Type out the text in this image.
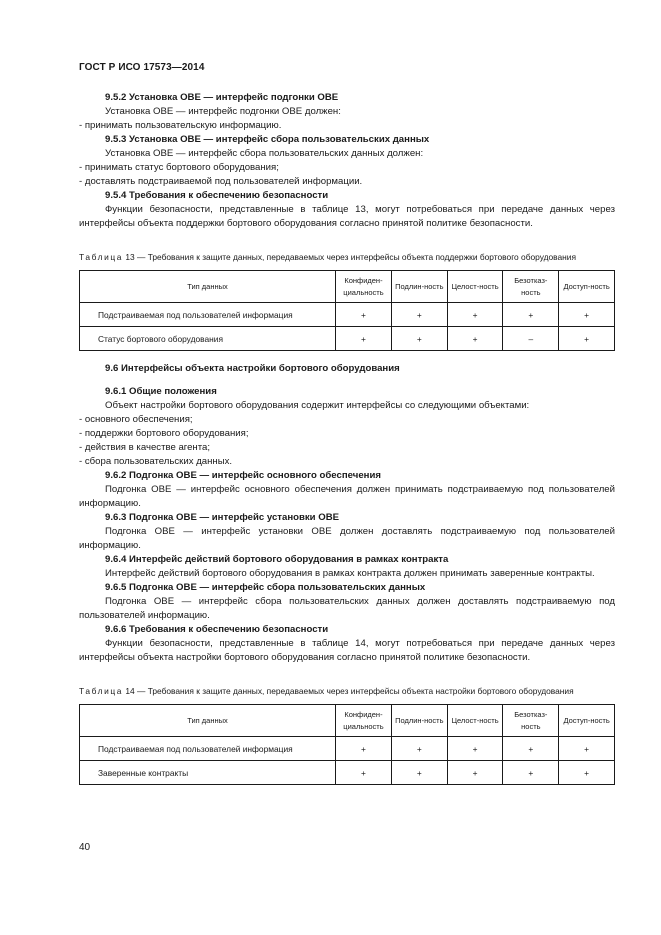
ГОСТ Р ИСО 17573—2014

9.5.2 Установка OBE — интерфейс подгонки OBE

Установка OBE — интерфейс подгонки OBE должен:

- принимать пользовательскую информацию.

9.5.3 Установка OBE — интерфейс сбора пользовательских данных

Установка OBE — интерфейс сбора пользовательских данных должен:

- принимать статус бортового оборудования;

- доставлять подстраиваемой под пользователей информации.

9.5.4 Требования к обеспечению безопасности

Функции безопасности, представленные в таблице 13, могут потребоваться при передаче данных через интерфейсы объекта поддержки бортового оборудования согласно принятой политике безопасности.

Таблица 13 — Требования к защите данных, передаваемых через интерфейсы объекта поддержки бортового оборудования

Тип данных	Конфиден-циальность	Подлин-ность	Целост-ность	Безотказ-ность	Доступ-ность
Подстраиваемая под пользователей информация	+	+	+	+	+
Статус бортового оборудования	+	+	+	–	+

9.6 Интерфейсы объекта настройки бортового оборудования

9.6.1 Общие положения

Объект настройки бортового оборудования содержит интерфейсы со следующими объектами:

- основного обеспечения;

- поддержки бортового оборудования;

- действия в качестве агента;

- сбора пользовательских данных.

9.6.2 Подгонка OBE — интерфейс основного обеспечения

Подгонка OBE — интерфейс основного обеспечения должен принимать подстраиваемую под пользователей информацию.

9.6.3 Подгонка OBE — интерфейс установки OBE

Подгонка OBE — интерфейс установки OBE должен доставлять подстраиваемую под пользователей информацию.

9.6.4 Интерфейс действий бортового оборудования в рамках контракта

Интерфейс действий бортового оборудования в рамках контракта должен принимать заверенные контракты.

9.6.5 Подгонка OBE — интерфейс сбора пользовательских данных

Подгонка OBE — интерфейс сбора пользовательских данных должен доставлять подстраиваемую под пользователей информацию.

9.6.6 Требования к обеспечению безопасности

Функции безопасности, представленные в таблице 14, могут потребоваться при передаче данных через интерфейсы объекта настройки бортового оборудования согласно принятой политике безопасности.

Таблица 14 — Требования к защите данных, передаваемых через интерфейсы объекта настройки бортового оборудования

Тип данных	Конфиден-циальность	Подлин-ность	Целост-ность	Безотказ-ность	Доступ-ность
Подстраиваемая под пользователей информация	+	+	+	+	+
Заверенные контракты	+	+	+	+	+
40
